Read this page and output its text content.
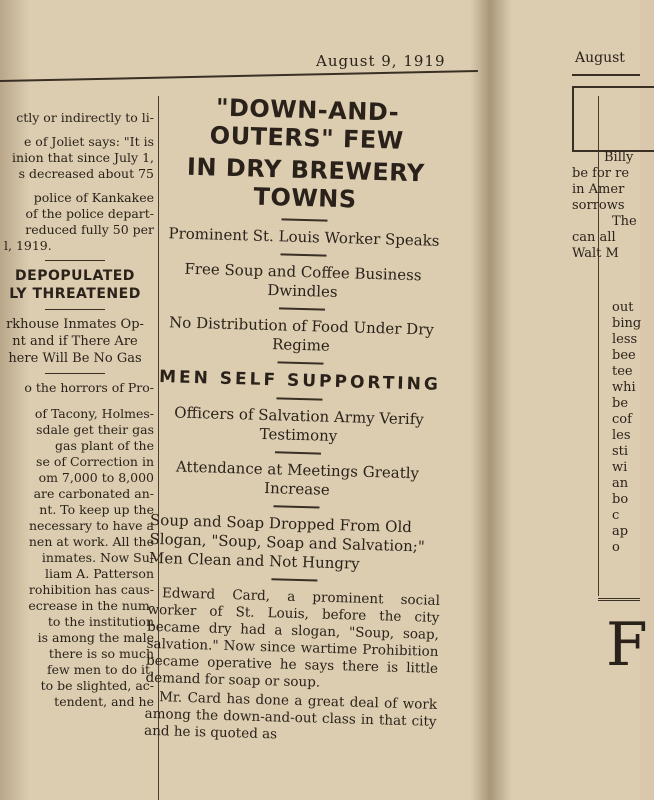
August 9, 1919	August

ctly or indirectly to li-

e of Joliet says: "It is

inion that since July 1,

s decreased about 75

police of Kankakee

of the police depart-

reduced fully 50 per

l, 1919.

DEPOPULATED

LY THREATENED

rkhouse Inmates Op-

nt and if There Are

here Will Be No Gas

o the horrors of Pro-

of Tacony, Holmes-

sdale get their gas

gas plant of the

se of Correction in

om 7,000 to 8,000

are carbonated an-

nt. To keep up the

necessary to have a

nen at work. All the

inmates. Now Su-

liam A. Patterson

rohibition has caus-

ecrease in the num-

to the institution

is among the male

there is so much

few men to do it,

to be slighted, ac-

tendent, and he

"DOWN-AND-OUTERS" FEW

IN DRY BREWERY TOWNS

Prominent St. Louis Worker Speaks

Free Soup and Coffee Business Dwindles

No Distribution of Food Under Dry Regime

MEN SELF SUPPORTING

Officers of Salvation Army Verify Testimony

Attendance at Meetings Greatly Increase

Soup and Soap Dropped From Old Slogan, "Soup, Soap and Salvation;" Men Clean and Not Hungry

Edward Card, a prominent social worker of St. Louis, before the city became dry had a slogan, "Soup, soap, salvation." Now since wartime Prohibition became operative he says there is little demand for soap or soup.

Mr. Card has done a great deal of work among the down-and-out class in that city and he is quoted as

Billy

be for re

in Amer

sorrows

The

can all

Walt M

out

bing

less

bee

tee

whi

be

cof

les

sti

wi

an

bo

c

ap

o

F
